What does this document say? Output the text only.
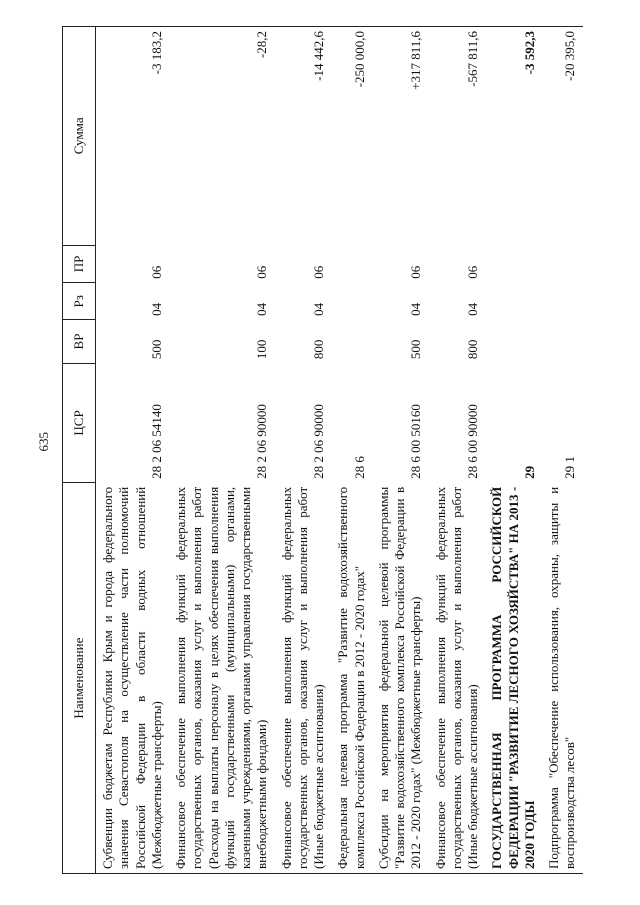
635
Наименование	ЦСР	ВР	Рз	ПР	Сумма
Субвенции бюджетам Республики Крым и города федерального значения Севастополя на осуществление части полномочий Российской Федерации в области водных отношений (Межбюджетные трансферты)	28 2 06 54140	500	04	06	-3 183,2
Финансовое обеспечение выполнения функций федеральных государственных органов, оказания услуг и выполнения работ (Расходы на выплаты персоналу в целях обеспечения выполнения функций государственными (муниципальными) органами, казенными учреждениями, органами управления государственными внебюджетными фондами)	28 2 06 90000	100	04	06	-28,2
Финансовое обеспечение выполнения функций федеральных государственных органов, оказания услуг и выполнения работ (Иные бюджетные ассигнования)	28 2 06 90000	800	04	06	-14 442,6
Федеральная целевая программа "Развитие водохозяйственного комплекса Российской Федерации в 2012 - 2020 годах"	28 6				-250 000,0
Субсидии на мероприятия федеральной целевой программы "Развитие водохозяйственного комплекса Российской Федерации в 2012 - 2020 годах" (Межбюджетные трансферты)	28 6 00 50160	500	04	06	+317 811,6
Финансовое обеспечение выполнения функций федеральных государственных органов, оказания услуг и выполнения работ (Иные бюджетные ассигнования)	28 6 00 90000	800	04	06	-567 811,6
ГОСУДАРСТВЕННАЯ ПРОГРАММА РОССИЙСКОЙ ФЕДЕРАЦИИ "РАЗВИТИЕ ЛЕСНОГО ХОЗЯЙСТВА" НА 2013 - 2020 ГОДЫ	29				-3 592,3
Подпрограмма "Обеспечение использования, охраны, защиты и воспроизводства лесов"	29 1				-20 395,0
